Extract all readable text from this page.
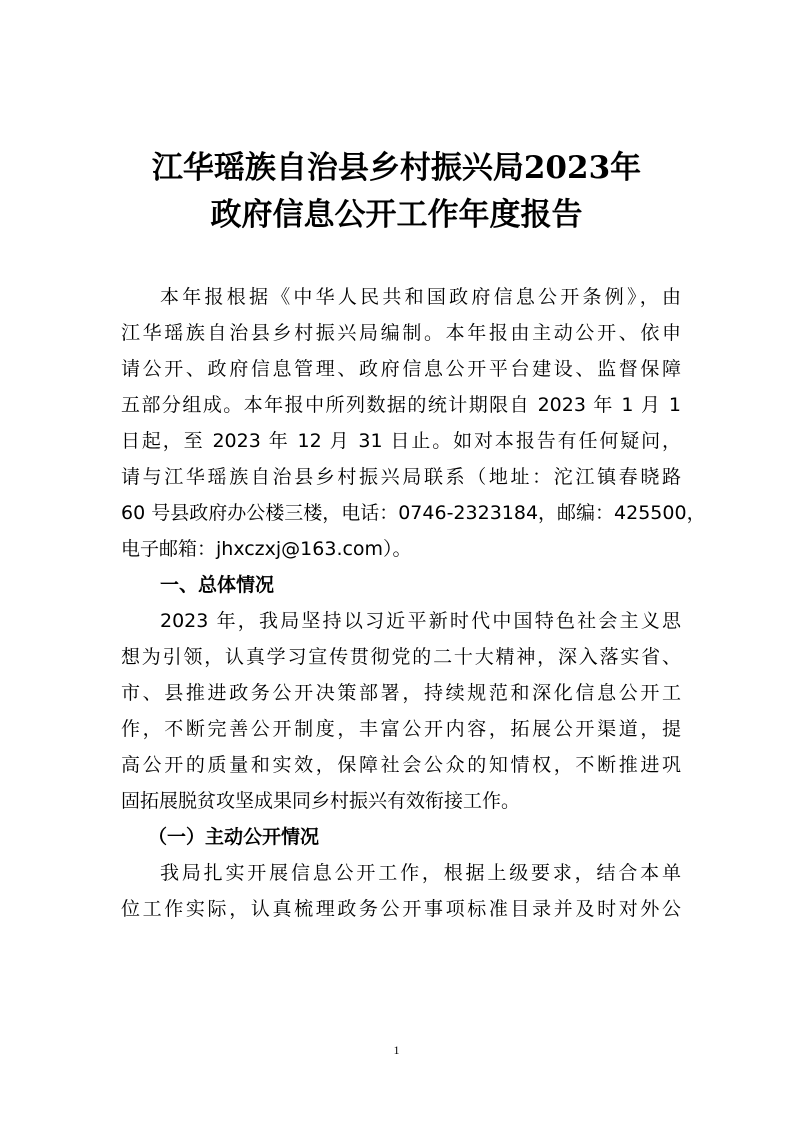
江华瑶族自治县乡村振兴局2023年
政府信息公开工作年度报告
本年报根据《中华人民共和国政府信息公开条例》，由
江华瑶族自治县乡村振兴局编制。本年报由主动公开、依申
请公开、政府信息管理、政府信息公开平台建设、监督保障
五部分组成。本年报中所列数据的统计期限自 2023 年 1 月 1
日起，至 2023 年 12 月 31 日止。如对本报告有任何疑问，
请与江华瑶族自治县乡村振兴局联系（地址：沱江镇春晓路
60 号县政府办公楼三楼，电话：0746-2323184，邮编：425500，
电子邮箱：jhxczxj@163.com）。
一、总体情况
2023 年，我局坚持以习近平新时代中国特色社会主义思
想为引领，认真学习宣传贯彻党的二十大精神，深入落实省、
市、县推进政务公开决策部署，持续规范和深化信息公开工
作，不断完善公开制度，丰富公开内容，拓展公开渠道，提
高公开的质量和实效，保障社会公众的知情权，不断推进巩
固拓展脱贫攻坚成果同乡村振兴有效衔接工作。
（一）主动公开情况
我局扎实开展信息公开工作，根据上级要求，结合本单
位工作实际，认真梳理政务公开事项标准目录并及时对外公
1
